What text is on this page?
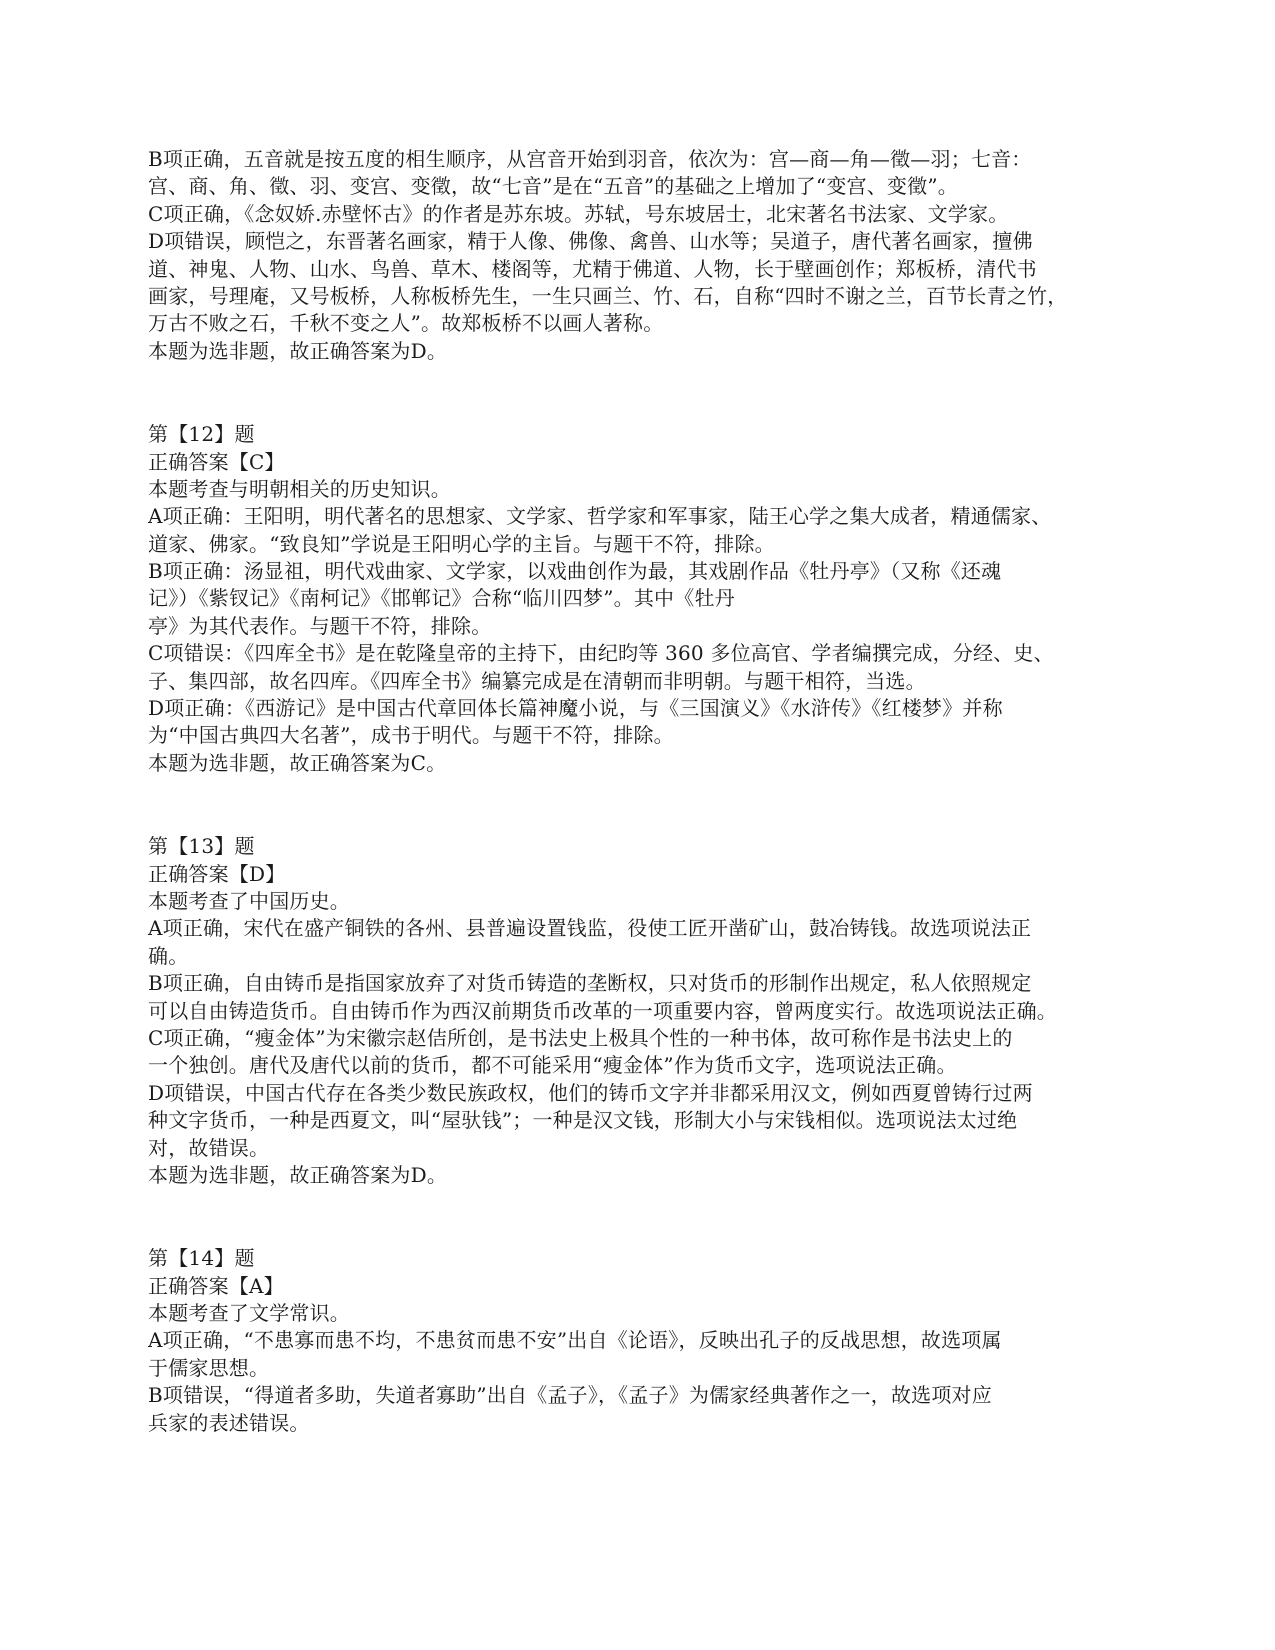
B项正确，五音就是按五度的相生顺序，从宫音开始到羽音，依次为：宫—商—角—徵—羽；七音：
宫、商、角、徵、羽、变宫、变徵，故“七音”是在“五音”的基础之上增加了“变宫、变徵”。
C项正确，《念奴娇.赤壁怀古》的作者是苏东坡。苏轼，号东坡居士，北宋著名书法家、文学家。
D项错误，顾恺之，东晋著名画家，精于人像、佛像、禽兽、山水等；吴道子，唐代著名画家，擅佛
道、神鬼、人物、山水、鸟兽、草木、楼阁等，尤精于佛道、人物，长于壁画创作；郑板桥，清代书
画家，号理庵，又号板桥，人称板桥先生，一生只画兰、竹、石，自称“四时不谢之兰，百节长青之竹，
万古不败之石，千秋不变之人”。故郑板桥不以画人著称。
本题为选非题，故正确答案为D。
第【12】题
正确答案【C】
本题考查与明朝相关的历史知识。
A项正确：王阳明，明代著名的思想家、文学家、哲学家和军事家，陆王心学之集大成者，精通儒家、
道家、佛家。“致良知”学说是王阳明心学的主旨。与题干不符，排除。
B项正确：汤显祖，明代戏曲家、文学家，以戏曲创作为最，其戏剧作品《牡丹亭》（又称《还魂
记》）《紫钗记》《南柯记》《邯郸记》合称“临川四梦”。其中《牡丹
亭》为其代表作。与题干不符，排除。
C项错误：《四库全书》是在乾隆皇帝的主持下，由纪昀等 360 多位高官、学者编撰完成，分经、史、
子、集四部，故名四库。《四库全书》编纂完成是在清朝而非明朝。与题干相符，当选。
D项正确：《西游记》是中国古代章回体长篇神魔小说，与《三国演义》《水浒传》《红楼梦》并称
为“中国古典四大名著”，成书于明代。与题干不符，排除。
本题为选非题，故正确答案为C。
第【13】题
正确答案【D】
本题考查了中国历史。
A项正确，宋代在盛产铜铁的各州、县普遍设置钱监，役使工匠开凿矿山，鼓冶铸钱。故选项说法正
确。
B项正确，自由铸币是指国家放弃了对货币铸造的垄断权，只对货币的形制作出规定，私人依照规定
可以自由铸造货币。自由铸币作为西汉前期货币改革的一项重要内容，曾两度实行。故选项说法正确。
C项正确，“瘦金体”为宋徽宗赵佶所创，是书法史上极具个性的一种书体，故可称作是书法史上的
一个独创。唐代及唐代以前的货币，都不可能采用“瘦金体”作为货币文字，选项说法正确。
D项错误，中国古代存在各类少数民族政权，他们的铸币文字并非都采用汉文，例如西夏曾铸行过两
种文字货币，一种是西夏文，叫“屋驮钱”；一种是汉文钱，形制大小与宋钱相似。选项说法太过绝
对，故错误。
本题为选非题，故正确答案为D。
第【14】题
正确答案【A】
本题考查了文学常识。
A项正确，“不患寡而患不均，不患贫而患不安”出自《论语》，反映出孔子的反战思想，故选项属
于儒家思想。
B项错误，“得道者多助，失道者寡助”出自《孟子》，《孟子》为儒家经典著作之一，故选项对应
兵家的表述错误。
